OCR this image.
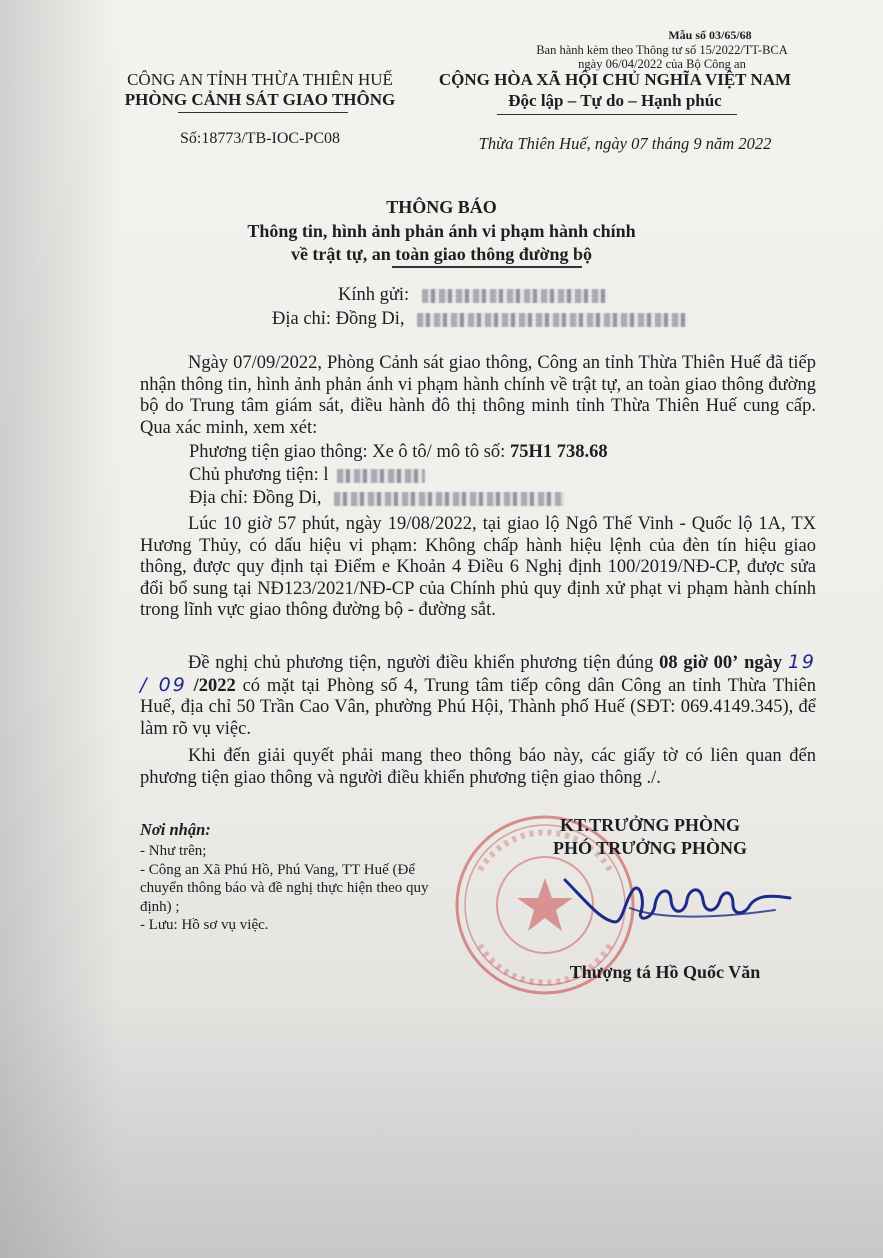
Mẫu số 03/65/68
Ban hành kèm theo Thông tư số 15/2022/TT-BCA
ngày 06/04/2022 của Bộ Công an
CÔNG AN TỈNH THỪA THIÊN HUẾ
PHÒNG CẢNH SÁT GIAO THÔNG
Số:18773/TB-IOC-PC08
CỘNG HÒA XÃ HỘI CHỦ NGHĨA VIỆT NAM
Độc lập – Tự do – Hạnh phúc
Thừa Thiên Huế, ngày 07 tháng 9 năm 2022
THÔNG BÁO
Thông tin, hình ảnh phản ánh vi phạm hành chính
về trật tự, an toàn giao thông đường bộ
Kính gửi:
Địa chỉ: Đồng Di,

Ngày 07/09/2022, Phòng Cảnh sát giao thông, Công an tỉnh Thừa Thiên Huế đã tiếp nhận thông tin, hình ảnh phản ánh vi phạm hành chính về trật tự, an toàn giao thông đường bộ do Trung tâm giám sát, điều hành đô thị thông minh tỉnh Thừa Thiên Huế cung cấp. Qua xác minh, xem xét:

Phương tiện giao thông: Xe ô tô/ mô tô số: 75H1 738.68
Chủ phương tiện: l
Địa chỉ: Đồng Di,

Lúc 10 giờ 57 phút, ngày 19/08/2022, tại giao lộ Ngô Thế Vinh - Quốc lộ 1A, TX Hương Thủy, có dấu hiệu vi phạm: Không chấp hành hiệu lệnh của đèn tín hiệu giao thông, được quy định tại Điểm e Khoản 4 Điều 6 Nghị định 100/2019/NĐ-CP, được sửa đổi bổ sung tại NĐ123/2021/NĐ-CP của Chính phủ quy định xử phạt vi phạm hành chính trong lĩnh vực giao thông đường bộ - đường sắt.

Đề nghị chủ phương tiện, người điều khiển phương tiện đúng 08 giờ 00’ ngày 19 / 09 /2022 có mặt tại Phòng số 4, Trung tâm tiếp công dân Công an tỉnh Thừa Thiên Huế, địa chỉ 50 Trần Cao Vân, phường Phú Hội, Thành phố Huế (SĐT: 069.4149.345), để làm rõ vụ việc.

Khi đến giải quyết phải mang theo thông báo này, các giấy tờ có liên quan đến phương tiện giao thông và người điều khiển phương tiện giao thông ./.

Nơi nhận:
- Như trên;
- Công an Xã Phú Hồ, Phú Vang, TT Huế (Để
chuyển thông báo và đề nghị thực hiện theo quy
định) ;
- Lưu: Hồ sơ vụ việc.
KT.TRƯỞNG PHÒNG
PHÓ TRƯỞNG PHÒNG
Thượng tá Hồ Quốc Văn
